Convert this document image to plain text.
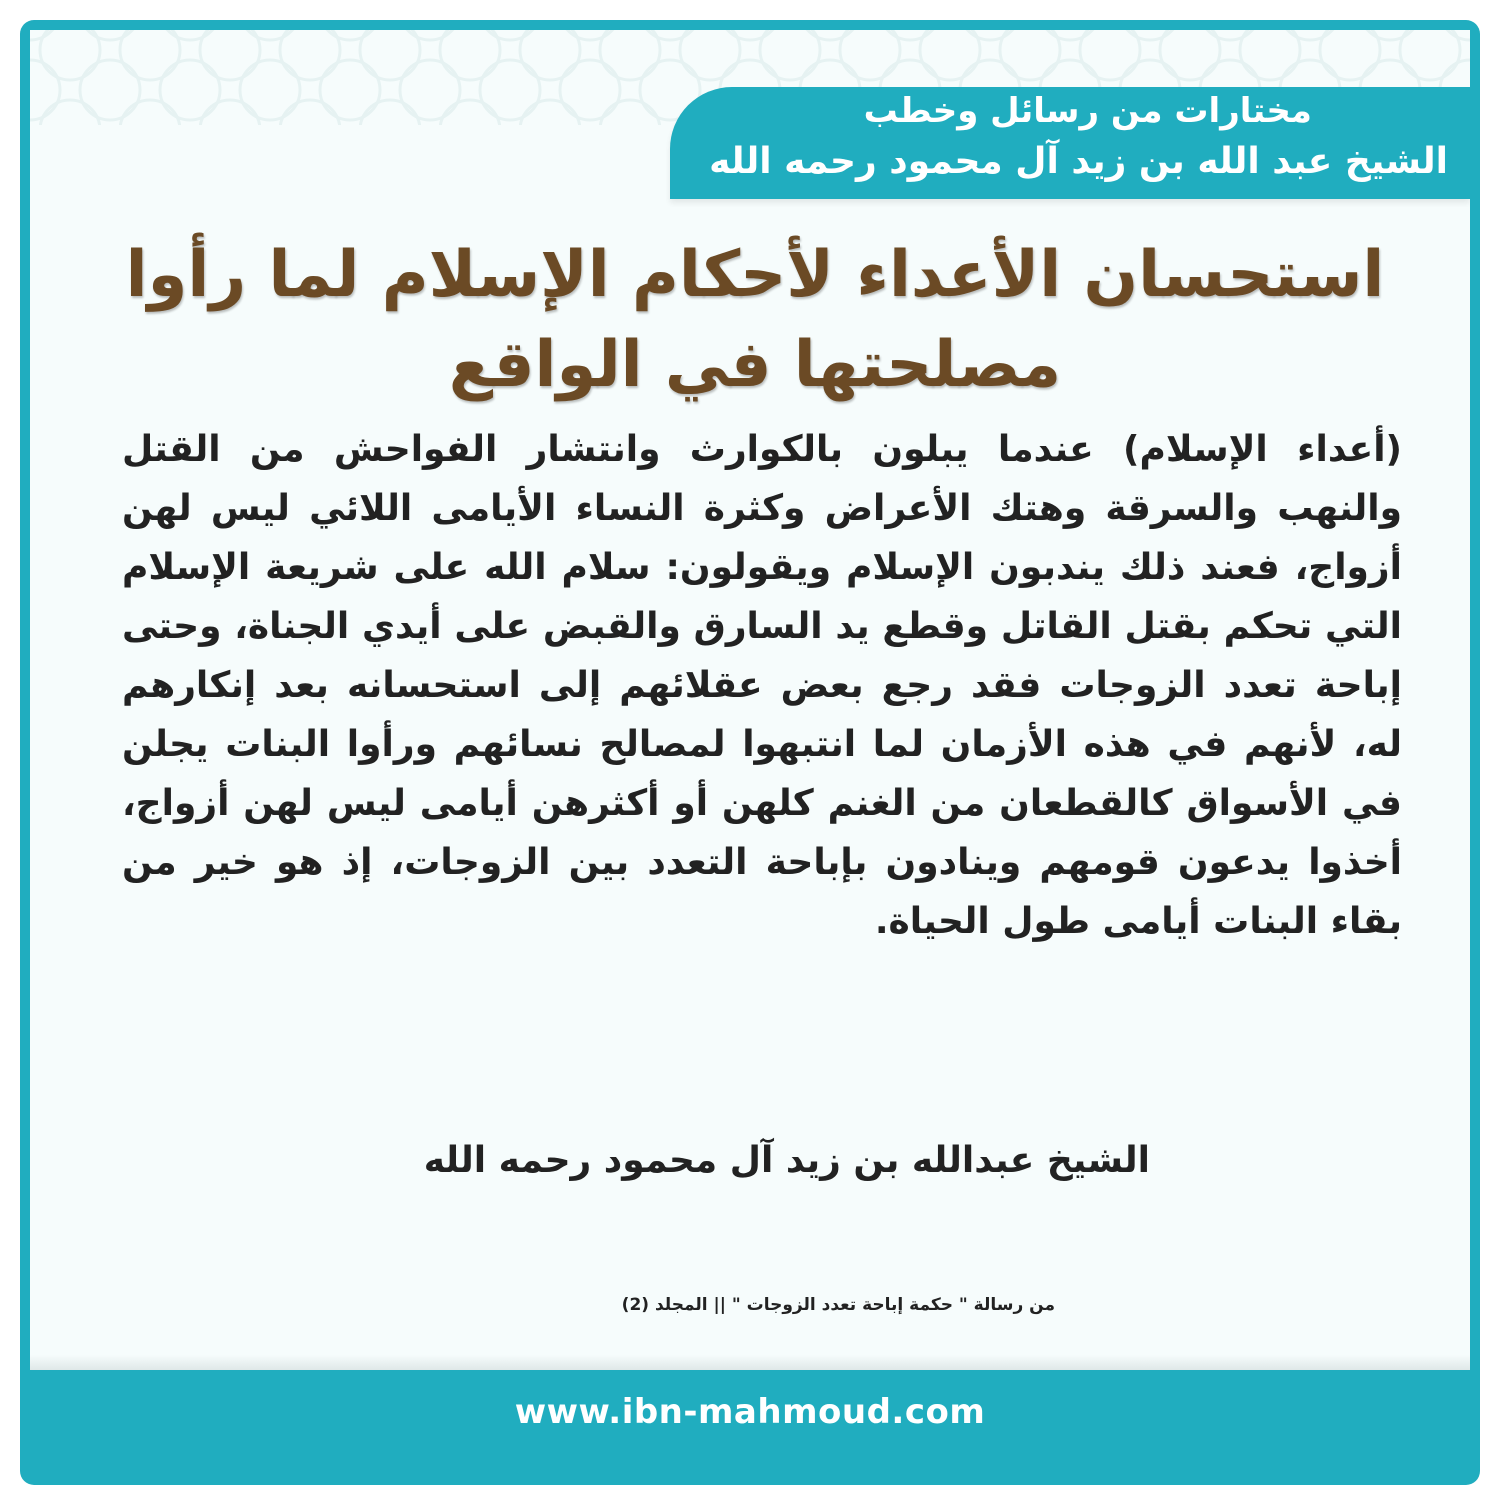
مختارات من رسائل وخطب
الشيخ عبد الله بن زيد آل محمود رحمه الله
استحسان الأعداء لأحكام الإسلام لما رأوا مصلحتها في الواقع
(أعداء الإسلام) عندما يبلون بالكوارث وانتشار الفواحش من القتل والنهب والسرقة وهتك الأعراض وكثرة النساء الأيامى اللائي ليس لهن أزواج، فعند ذلك يندبون الإسلام ويقولون: سلام الله على شريعة الإسلام التي تحكم بقتل القاتل وقطع يد السارق والقبض على أيدي الجناة، وحتى إباحة تعدد الزوجات فقد رجع بعض عقلائهم إلى استحسانه بعد إنكارهم له، لأنهم في هذه الأزمان لما انتبهوا لمصالح نسائهم ورأوا البنات يجلن في الأسواق كالقطعان من الغنم كلهن أو أكثرهن أيامى ليس لهن أزواج، أخذوا يدعون قومهم وينادون بإباحة التعدد بين الزوجات، إذ هو خير من بقاء البنات أيامى طول الحياة.
الشيخ عبدالله بن زيد آل محمود رحمه الله
من رسالة " حكمة إباحة تعدد الزوجات " || المجلد (2)
www.ibn-mahmoud.com
